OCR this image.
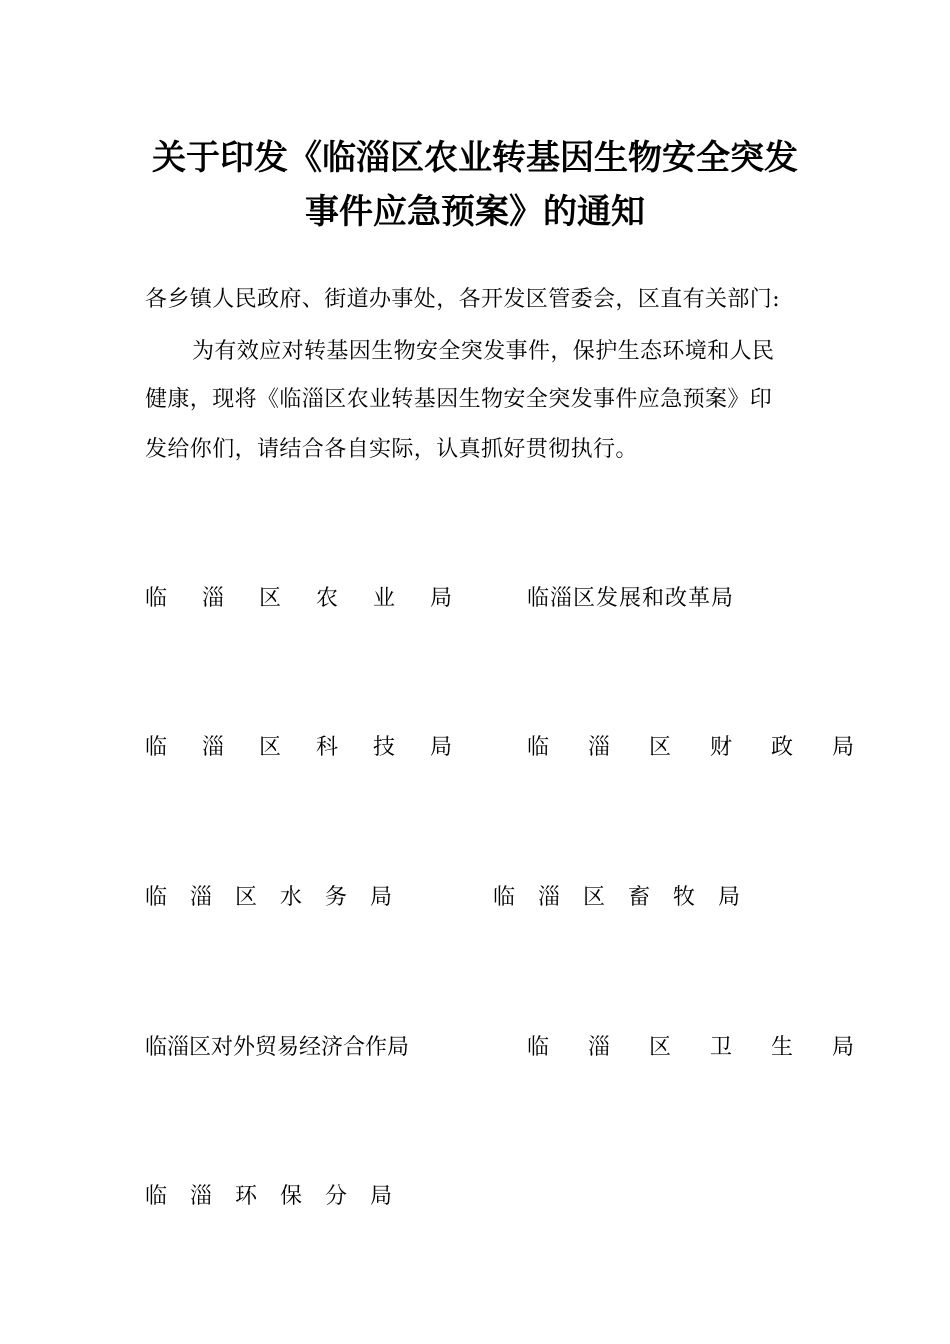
关于印发《临淄区农业转基因生物安全突发
事件应急预案》的通知
各乡镇人民政府、街道办事处，各开发区管委会，区直有关部门:
为有效应对转基因生物安全突发事件，保护生态环境和人民
健康，现将《临淄区农业转基因生物安全突发事件应急预案》印
发给你们，请结合各自实际，认真抓好贯彻执行。
临 淄 区 农 业 局	临淄区发展和改革局
临 淄 区 科 技 局	临 淄 区 财 政 局
临 淄 区 水 务 局	临 淄 区 畜 牧 局
临淄区对外贸易经济合作局	临 淄 区 卫 生 局
临 淄 环 保 分 局
